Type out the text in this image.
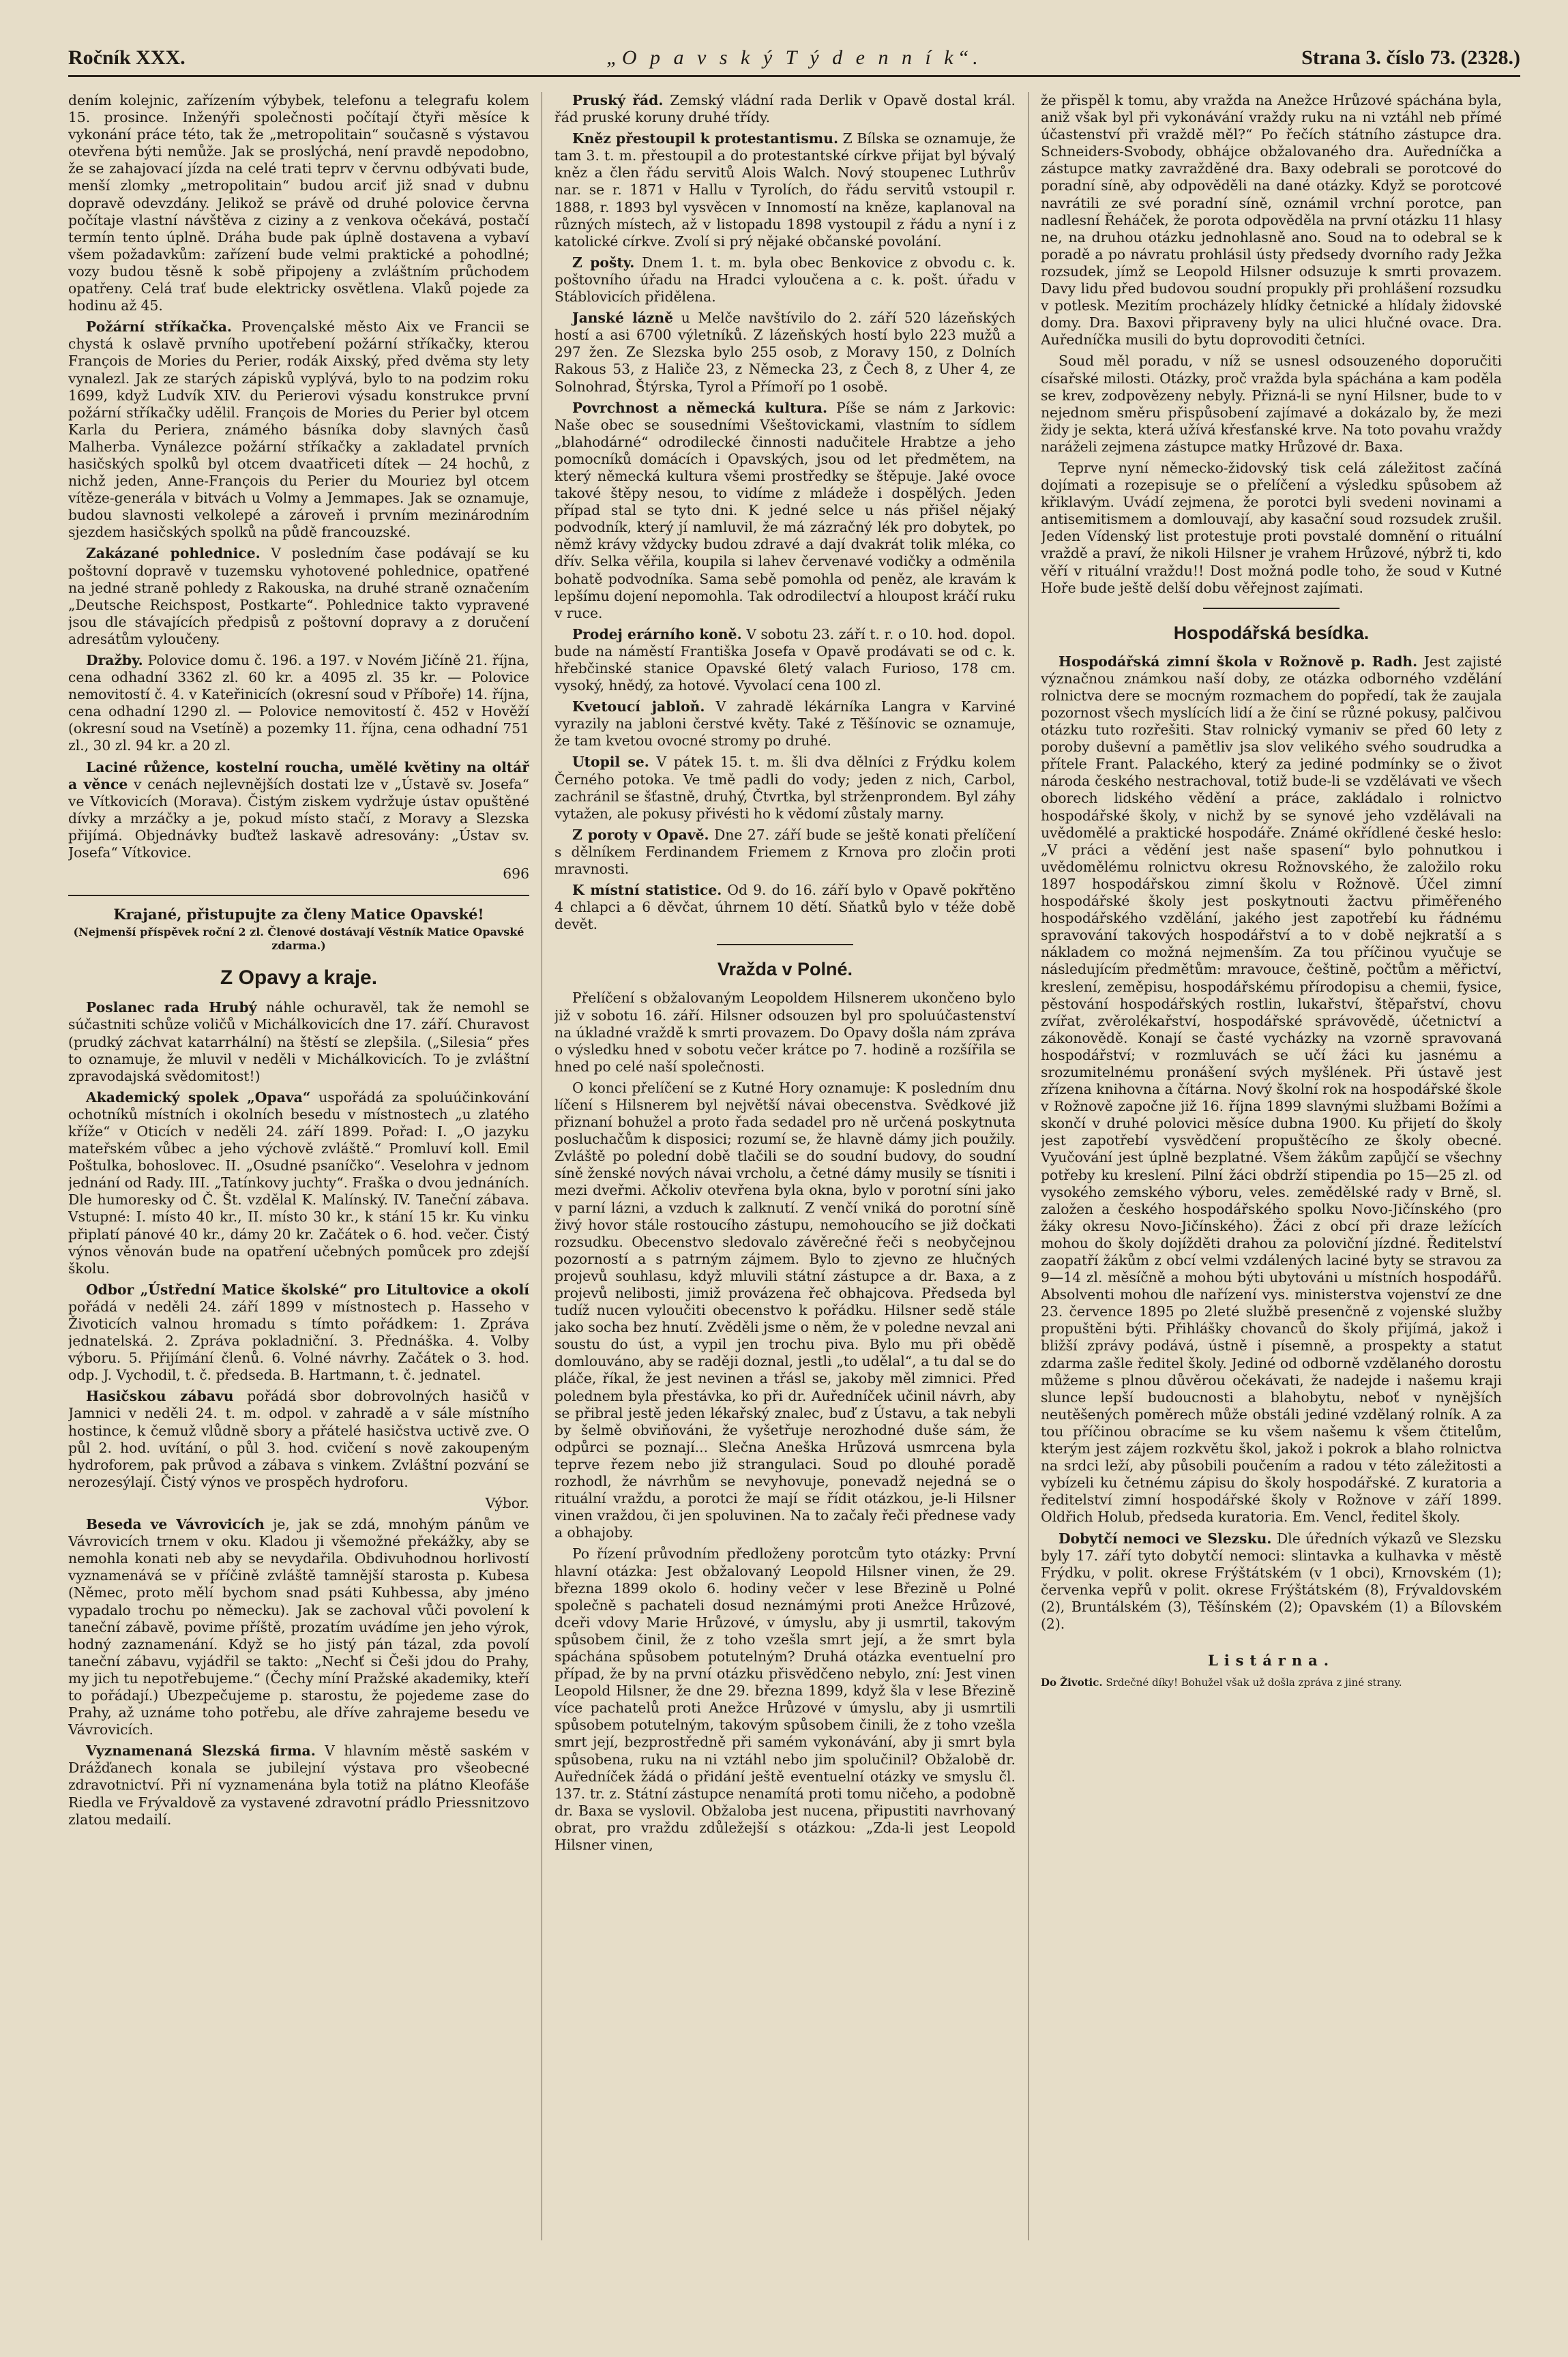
Ročník XXX.	„O p a v s k ý T ý d e n n í k“.	Strana 3. číslo 73. (2328.)

dením kolejnic, zařízením výbybek, telefonu a telegrafu kolem 15. prosince. Inženýři společnosti počítají čtyři měsíce k vykonání práce této, tak že „metropolitain“ současně s výstavou otevřena býti nemůže. Jak se proslýchá, není pravdě nepodobno, že se zahajovací jízda na celé trati teprv v červnu odbývati bude, menší zlomky „metropolitain“ budou arciť již snad v dubnu dopravě odevzdány. Jelikož se právě od druhé polovice června počítaje vlastní návštěva z ciziny a z venkova očekává, postačí termín tento úplně. Dráha bude pak úplně dostavena a vybaví všem požadavkům: zařízení bude velmi praktické a pohodlné; vozy budou těsně k sobě připojeny a zvláštním průchodem opatřeny. Celá trať bude elektricky osvětlena. Vlaků pojede za hodinu až 45.

Požární stříkačka. Provençalské město Aix ve Francii se chystá k oslavě prvního upotřebení požární stříkačky, kterou François de Mories du Perier, rodák Aixský, před dvěma sty lety vynalezl. Jak ze starých zápisků vyplývá, bylo to na podzim roku 1699, když Ludvík XIV. du Perierovi výsadu konstrukce první požární stříkačky udělil. François de Mories du Perier byl otcem Karla du Periera, známého básníka doby slavných časů Malherba. Vynálezce požární stříkačky a zakladatel prvních hasičských spolků byl otcem dvaatřiceti dítek — 24 hochů, z nichž jeden, Anne-François du Perier du Mouriez byl otcem vítěze-generála v bitvách u Volmy a Jemmapes. Jak se oznamuje, budou slavnosti velkolepé a zároveň i prvním mezinárodním sjezdem hasičských spolků na půdě francouzské.

Zakázané pohlednice. V posledním čase podávají se ku poštovní dopravě v tuzemsku vyhotovené pohlednice, opatřené na jedné straně pohledy z Rakouska, na druhé straně označením „Deutsche Reichspost, Postkarte“. Pohlednice takto vypravené jsou dle stávajících předpisů z poštovní dopravy a z doručení adresátům vyloučeny.

Dražby. Polovice domu č. 196. a 197. v Novém Jičíně 21. října, cena odhadní 3362 zl. 60 kr. a 4095 zl. 35 kr. — Polovice nemovitostí č. 4. v Kateřinicích (okresní soud v Příboře) 14. října, cena odhadní 1290 zl. — Polovice nemovitostí č. 452 v Hověží (okresní soud na Vsetíně) a pozemky 11. října, cena odhadní 751 zl., 30 zl. 94 kr. a 20 zl.

Laciné růžence, kostelní roucha, umělé květiny na oltář a věnce v cenách nejlevnějších dostati lze v „Ústavě sv. Josefa“ ve Vítkovicích (Morava). Čistým ziskem vydržuje ústav opuštěné dívky a mrzáčky a je, pokud místo stačí, z Moravy a Slezska přijímá. Objednávky buďtež laskavě adresovány: „Ústav sv. Josefa“ Vítkovice.

696

Krajané, přistupujte za členy Matice Opavské!

(Nejmenší příspěvek roční 2 zl. Členové dostávají Věstník Matice Opavské zdarma.)

Z Opavy a kraje.

Poslanec rada Hrubý náhle ochuravěl, tak že nemohl se súčastniti schůze voličů v Michálkovicích dne 17. září. Churavost (prudký záchvat katarrhální) na štěstí se zlepšila. („Silesia“ přes to oznamuje, že mluvil v neděli v Michálkovicích. To je zvláštní zpravodajská svědomitost!)

Akademický spolek „Opava“ uspořádá za spoluúčinkování ochotníků místních i okolních besedu v místnostech „u zlatého kříže“ v Oticích v neděli 24. září 1899. Pořad: I. „O jazyku mateřském vůbec a jeho výchově zvláště.“ Promluví koll. Emil Poštulka, bohoslovec. II. „Osudné psaníčko“. Veselohra v jednom jednání od Rady. III. „Tatínkovy juchty“. Fraška o dvou jednáních. Dle humoresky od Č. Št. vzdělal K. Malínský. IV. Taneční zábava. Vstupné: I. místo 40 kr., II. místo 30 kr., k stání 15 kr. Ku vinku připlatí pánové 40 kr., dámy 20 kr. Začátek o 6. hod. večer. Čistý výnos věnován bude na opatření učebných pomůcek pro zdejší školu.

Odbor „Ústřední Matice školské“ pro Litultovice a okolí pořádá v neděli 24. září 1899 v místnostech p. Hasseho v Životicích valnou hromadu s tímto pořádkem: 1. Zpráva jednatelská. 2. Zpráva pokladniční. 3. Přednáška. 4. Volby výboru. 5. Přijímání členů. 6. Volné návrhy. Začátek o 3. hod. odp. J. Vychodil, t. č. předseda. B. Hartmann, t. č. jednatel.

Hasičskou zábavu pořádá sbor dobrovolných hasičů v Jamnici v neděli 24. t. m. odpol. v zahradě a v sále místního hostince, k čemuž vlůdně sbory a přátelé hasičstva uctivě zve. O půl 2. hod. uvítání, o půl 3. hod. cvičení s nově zakoupeným hydroforem, pak průvod a zábava s vinkem. Zvláštní pozvání se nerozesýlají. Čistý výnos ve prospěch hydroforu.

Výbor.

Beseda ve Vávrovicích je, jak se zdá, mnohým pánům ve Vávrovicích trnem v oku. Kladou ji všemožné překážky, aby se nemohla konati neb aby se nevydařila. Obdivuhodnou horlivostí vyznamenává se v příčině zvláště tamnější starosta p. Kubesa (Němec, proto mělí bychom snad psáti Kuhbessa, aby jméno vypadalo trochu po německu). Jak se zachoval vůči povolení k taneční zábavě, povime příště, prozatím uvádíme jen jeho výrok, hodný zaznamenání. Když se ho jistý pán tázal, zda povolí taneční zábavu, vyjádřil se takto: „Nechť si Češi jdou do Prahy, my jich tu nepotřebujeme.“ (Čechy míní Pražské akademiky, kteří to pořádají.) Ubezpečujeme p. starostu, že pojedeme zase do Prahy, až uznáme toho potřebu, ale dříve zahrajeme besedu ve Vávrovicích.

Vyznamenaná Slezská firma. V hlavním městě saském v Drážďanech konala se jubilejní výstava pro všeobecné zdravotnictví. Při ní vyznamenána byla totiž na plátno Kleofáše Riedla ve Frývaldově za vystavené zdravotní prádlo Priessnitzovo zlatou medailí.

Pruský řád. Zemský vládní rada Derlik v Opavě dostal král. řád pruské koruny druhé třídy.

Kněz přestoupil k protestantismu. Z Bílska se oznamuje, že tam 3. t. m. přestoupil a do protestantské církve přijat byl bývalý kněz a člen řádu servitů Alois Walch. Nový stoupenec Luthrův nar. se r. 1871 v Hallu v Tyrolích, do řádu servitů vstoupil r. 1888, r. 1893 byl vysvěcen v Innomostí na kněze, kaplanoval na různých místech, až v listopadu 1898 vystoupil z řádu a nyní i z katolické církve. Zvolí si prý nějaké občanské povolání.

Z pošty. Dnem 1. t. m. byla obec Benkovice z obvodu c. k. poštovního úřadu na Hradci vyloučena a c. k. pošt. úřadu v Stáblovicích přidělena.

Janské lázně u Melče navštívilo do 2. září 520 lázeňských hostí a asi 6700 výletníků. Z lázeňských hostí bylo 223 mužů a 297 žen. Ze Slezska bylo 255 osob, z Moravy 150, z Dolních Rakous 53, z Haliče 23, z Německa 23, z Čech 8, z Uher 4, ze Solnohrad, Štýrska, Tyrol a Přímoří po 1 osobě.

Povrchnost a německá kultura. Píše se nám z Jarkovic: Naše obec se sousedními Všeštovickami, vlastním to sídlem „blahodárné“ odrodilecké činnosti nadučitele Hrabtze a jeho pomocníků domácích i Opavských, jsou od let předmětem, na který německá kultura všemi prostředky se štěpuje. Jaké ovoce takové štěpy nesou, to vidíme z mládeže i dospělých. Jeden případ stal se tyto dni. K jedné selce u nás přišel nějaký podvodník, který jí namluvil, že má zázračný lék pro dobytek, po němž krávy vždycky budou zdravé a dají dvakrát tolik mléka, co dřív. Selka věřila, koupila si lahev červenavé vodičky a odměnila bohatě podvodníka. Sama sebě pomohla od peněz, ale kravám k lepšímu dojení nepomohla. Tak odrodilectví a hloupost kráčí ruku v ruce.

Prodej erárního koně. V sobotu 23. září t. r. o 10. hod. dopol. bude na náměstí Františka Josefa v Opavě prodávati se od c. k. hřebčinské stanice Opavské 6letý valach Furioso, 178 cm. vysoký, hnědý, za hotové. Vyvolací cena 100 zl.

Kvetoucí jabloň. V zahradě lékárníka Langra v Karviné vyrazily na jabloni čerstvé květy. Také z Těšínovic se oznamuje, že tam kvetou ovocné stromy po druhé.

Utopil se. V pátek 15. t. m. šli dva dělníci z Frýdku kolem Černého potoka. Ve tmě padli do vody; jeden z nich, Carbol, zachránil se šťastně, druhý, Čtvrtka, byl strženprondem. Byl záhy vytažen, ale pokusy přivésti ho k vědomí zůstaly marny.

Z poroty v Opavě. Dne 27. září bude se ještě konati přelíčení s dělníkem Ferdinandem Friemem z Krnova pro zločin proti mravnosti.

K místní statistice. Od 9. do 16. září bylo v Opavě pokřtěno 4 chlapci a 6 děvčat, úhrnem 10 dětí. Sňatků bylo v téže době devět.

Vražda v Polné.

Přelíčení s obžalovaným Leopoldem Hilsnerem ukončeno bylo již v sobotu 16. září. Hilsner odsouzen byl pro spoluúčastenství na úkladné vraždě k smrti provazem. Do Opavy došla nám zpráva o výsledku hned v sobotu večer krátce po 7. hodině a rozšířila se hned po celé naší společnosti.

O konci přelíčení se z Kutné Hory oznamuje: K posledním dnu líčení s Hilsnerem byl největší návai obecenstva. Svědkové již přiznaní bohužel a proto řada sedadel pro ně určená poskytnuta posluchačům k disposici; rozumí se, že hlavně dámy jich použily. Zvláště po polední době tlačili se do soudní budovy, do soudní síně ženské nových návai vrcholu, a četné dámy musily se tísniti i mezi dveřmi. Ačkoliv otevřena byla okna, bylo v porotní síni jako v parní lázni, a vzduch k zalknutí. Z venčí vniká do porotní síně živý hovor stále rostoucího zástupu, nemohoucího se již dočkati rozsudku. Obecenstvo sledovalo závěrečné řeči s neobyčejnou pozorností a s patrným zájmem. Bylo to zjevno ze hlučných projevů souhlasu, když mluvili státní zástupce a dr. Baxa, a z projevů nelibosti, jimiž provázena řeč obhajcova. Předseda byl tudíž nucen vyloučiti obecenstvo k pořádku. Hilsner sedě stále jako socha bez hnutí. Zvěděli jsme o něm, že v poledne nevzal ani soustu do úst, a vypil jen trochu piva. Bylo mu při obědě domlouváno, aby se raději doznal, jestli „to udělal“, a tu dal se do pláče, říkal, že jest nevinen a třásl se, jakoby měl zimnici. Před polednem byla přestávka, ko při dr. Auředníček učinil návrh, aby se přibral jestě jeden lékařský znalec, buď z Ústavu, a tak nebyli by šelmě obviňováni, že vyšetřuje nerozhodné duše sám, že odpůrci se poznají... Slečna Aneška Hrůzová usmrcena byla teprve řezem nebo již strangulaci. Soud po dlouhé poradě rozhodl, že návrhům se nevyhovuje, ponevadž nejedná se o rituální vraždu, a porotci že mají se řídit otázkou, je-li Hilsner vinen vraždou, či jen spoluvinen. Na to začaly řeči přednese vady a obhajoby.

Po řízení průvodním předloženy porotcům tyto otázky: První hlavní otázka: Jest obžalovaný Leopold Hilsner vinen, že 29. března 1899 okolo 6. hodiny večer v lese Březině u Polné společně s pachateli dosud neznámými proti Anežce Hrůzové, dceři vdovy Marie Hrůzové, v úmyslu, aby ji usmrtil, takovým spůsobem činil, že z toho vzešla smrt její, a že smrt byla spáchána spůsobem potutelným? Druhá otázka eventuelní pro případ, že by na první otázku přisvědčeno nebylo, zní: Jest vinen Leopold Hilsner, že dne 29. března 1899, když šla v lese Březině více pachatelů proti Anežce Hrůzové v úmyslu, aby ji usmrtili spůsobem potutelným, takovým spůsobem činili, že z toho vzešla smrt její, bezprostředně při samém vykonávání, aby ji smrt byla spůsobena, ruku na ni vztáhl nebo jim spolučinil? Obžalobě dr. Auředníček žádá o přidání ještě eventuelní otázky ve smyslu čl. 137. tr. z. Státní zástupce nenamítá proti tomu ničeho, a podobně dr. Baxa se vyslovil. Obžaloba jest nucena, připustiti navrhovaný obrat, pro vraždu zdůležejší s otázkou: „Zda-li jest Leopold Hilsner vinen,

že přispěl k tomu, aby vražda na Anežce Hrůzové spáchána byla, aniž však byl při vykonávání vraždy ruku na ni vztáhl neb přímé účastenství při vraždě měl?“ Po řečích státního zástupce dra. Schneiders-Svobody, obhájce obžalovaného dra. Auředníčka a zástupce matky zavražděné dra. Baxy odebrali se porotcové do poradní síně, aby odpověděli na dané otázky. Když se porotcové navrátili ze své poradní síně, oznámil vrchní porotce, pan nadlesní Řeháček, že porota odpověděla na první otázku 11 hlasy ne, na druhou otázku jednohlasně ano. Soud na to odebral se k poradě a po návratu prohlásil ústy předsedy dvorního rady Ježka rozsudek, jímž se Leopold Hilsner odsuzuje k smrti provazem. Davy lidu před budovou soudní propukly při prohlášení rozsudku v potlesk. Mezitím procházely hlídky četnické a hlídaly židovské domy. Dra. Baxovi připraveny byly na ulici hlučné ovace. Dra. Auředníčka musili do bytu doprovoditi četníci.

Soud měl poradu, v níž se usnesl odsouzeného doporučiti císařské milosti. Otázky, proč vražda byla spáchána a kam poděla se krev, zodpovězeny nebyly. Přizná-li se nyní Hilsner, bude to v nejednom směru přispůsobení zajímavé a dokázalo by, že mezi židy je sekta, která užívá křesťanské krve. Na toto povahu vraždy naráželi zejmena zástupce matky Hrůzové dr. Baxa.

Teprve nyní německo-židovský tisk celá záležitost začíná dojímati a rozepisuje se o přelíčení a výsledku spůsobem až křiklavým. Uvádí zejmena, že porotci byli svedeni novinami a antisemitismem a domlouvají, aby kasační soud rozsudek zrušil. Jeden Vídenský list protestuje proti povstalé domnění o rituální vraždě a praví, že nikoli Hilsner je vrahem Hrůzové, nýbrž ti, kdo věří v rituální vraždu!! Dost možná podle toho, že soud v Kutné Hoře bude ještě delší dobu věřejnost zajímati.

Hospodářská besídka.

Hospodářská zimní škola v Rožnově p. Radh. Jest zajisté význačnou známkou naší doby, ze otázka odborného vzdělání rolnictva dere se mocným rozmachem do popředí, tak že zaujala pozornost všech myslících lidí a že činí se různé pokusy, palčivou otázku tuto rozřešiti. Stav rolnický vymaniv se před 60 lety z poroby duševní a pamětliv jsa slov velikého svého soudrudka a přítele Frant. Palackého, který za jediné podmínky se o život národa českého nestrachoval, totiž bude-li se vzdělávati ve všech oborech lidského vědění a práce, zakládalo i rolnictvo hospodářské školy, v nichž by se synové jeho vzdělávali na uvědomělé a praktické hospodáře. Známé okřídlené české heslo: „V práci a vědění jest naše spasení“ bylo pohnutkou i uvědomělému rolnictvu okresu Rožnovského, že založilo roku 1897 hospodářskou zimní školu v Rožnově. Účel zimní hospodářské školy jest poskytnouti žactvu přiměřeného hospodářského vzdělání, jakého jest zapotřebí ku řádnému spravování takových hospodářství a to v době nejkratší a s nákladem co možná nejmenším. Za tou příčinou vyučuje se následujícím předmětům: mravouce, češtině, počtům a měřictví, kreslení, zeměpisu, hospodářskému přírodopisu a chemii, fysice, pěstování hospodářských rostlin, lukařství, štěpařství, chovu zvířat, zvěrolékařství, hospodářské správovědě, účetnictví a zákonovědě. Konají se časté vycházky na vzorně spravovaná hospodářství; v rozmluvách se učí žáci ku jasnému a srozumitelnému pronášení svých myšlének. Při ústavě jest zřízena knihovna a čítárna. Nový školní rok na hospodářské škole v Rožnově započne již 16. října 1899 slavnými službami Božími a skončí v druhé polovici měsíce dubna 1900. Ku přijetí do školy jest zapotřebí vysvědčení propuštěcího ze školy obecné. Vyučování jest úplně bezplatné. Všem žákům zapůjčí se všechny potřeby ku kreslení. Pilní žáci obdrží stipendia po 15—25 zl. od vysokého zemského výboru, veles. zemědělské rady v Brně, sl. založen a českého hospodářského spolku Novo-Jičínského (pro žáky okresu Novo-Jičínského). Žáci z obcí při draze ležících mohou do školy dojížděti drahou za poloviční jízdné. Ředitelství zaopatří žákům z obcí velmi vzdálených laciné byty se stravou za 9—14 zl. měsíčně a mohou býti ubytováni u místních hospodářů. Absolventi mohou dle nařízení vys. ministerstva vojenství ze dne 23. července 1895 po 2leté službě presenčně z vojenské služby propuštěni býti. Přihlášky chovanců do školy přijímá, jakož i bližší zprávy podává, ústně i písemně, a prospekty a statut zdarma zašle ředitel školy. Jediné od odborně vzdělaného dorostu můžeme s plnou důvěrou očekávati, že nadejde i našemu kraji slunce lepší budoucnosti a blahobytu, neboť v nynějších neutěšených poměrech může obstáli jediné vzdělaný rolník. A za tou příčinou obracíme se ku všem našemu k všem čtitelům, kterým jest zájem rozkvětu škol, jakož i pokrok a blaho rolnictva na srdci leží, aby působili poučením a radou v této záležitosti a vybízeli ku četnému zápisu do školy hospodářské. Z kuratoria a ředitelství zimní hospodářské školy v Rožnove v září 1899. Oldřich Holub, předseda kuratoria. Em. Vencl, ředitel školy.

Dobytčí nemoci ve Slezsku. Dle úředních výkazů ve Slezsku byly 17. září tyto dobytčí nemoci: slintavka a kulhavka v městě Frýdku, v polit. okrese Frýštátském (v 1 obci), Krnovském (1); červenka vepřů v polit. okrese Frýštátském (8), Frývaldovském (2), Bruntálském (3), Těšínském (2); Opavském (1) a Bílovském (2).

Listárna.

Do Životic. Srdečné díky! Bohužel však už došla zpráva z jiné strany.
